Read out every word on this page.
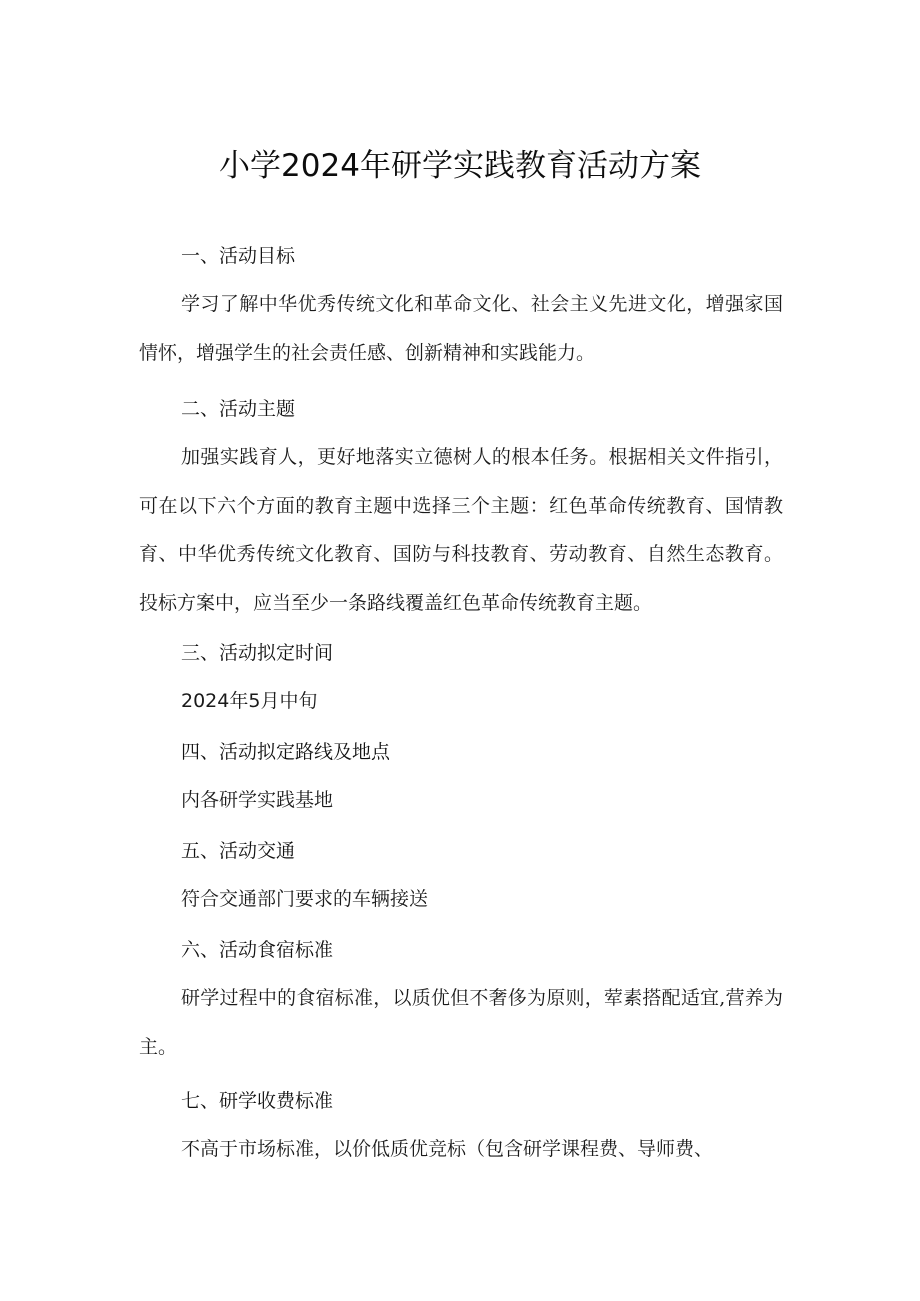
小学2024年研学实践教育活动方案
一、活动目标
学习了解中华优秀传统文化和革命文化、社会主义先进文化，增强家国情怀，增强学生的社会责任感、创新精神和实践能力。
二、活动主题
加强实践育人，更好地落实立德树人的根本任务。根据相关文件指引，可在以下六个方面的教育主题中选择三个主题：红色革命传统教育、国情教育、中华优秀传统文化教育、国防与科技教育、劳动教育、自然生态教育。投标方案中，应当至少一条路线覆盖红色革命传统教育主题。
三、活动拟定时间
2024年5月中旬
四、活动拟定路线及地点
内各研学实践基地
五、活动交通
符合交通部门要求的车辆接送
六、活动食宿标准
研学过程中的食宿标准，以质优但不奢侈为原则，荤素搭配适宜,营养为主。
七、研学收费标准
不高于市场标准，以价低质优竞标（包含研学课程费、导师费、
